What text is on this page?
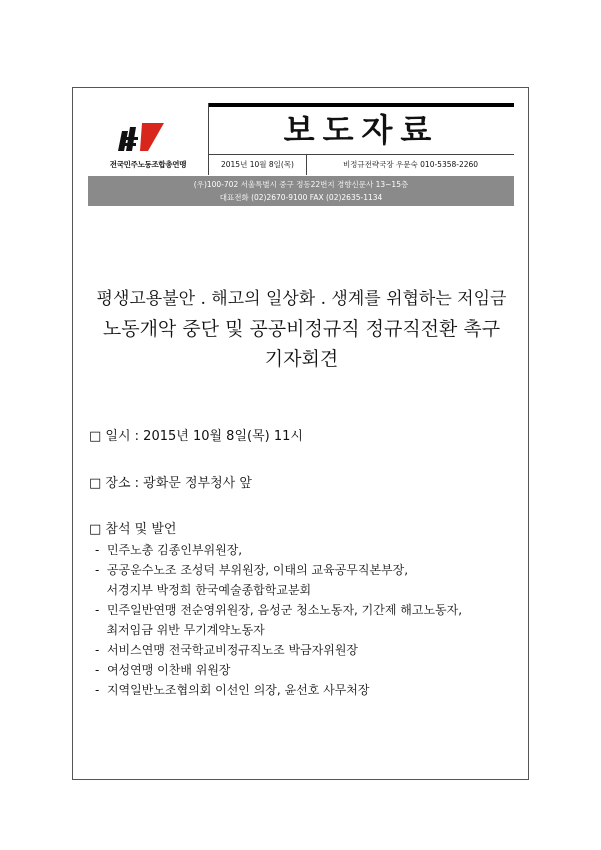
전국민주노동조합총연맹
보도자료
2015년 10월 8일(목)	비정규전략국장 우문숙 010-5358-2260
(우)100-702 서울특별시 중구 정동22번지 경향신문사 13~15층
대표전화 (02)2670-9100 FAX (02)2635-1134
평생고용불안 . 해고의 일상화 . 생계를 위협하는 저임금
노동개악 중단 및 공공비정규직 정규직전환 촉구
기자회견
□ 일시 : 2015년 10월 8일(목) 11시
□ 장소 : 광화문 정부청사 앞
□ 참석 및 발언
-  민주노총 김종인부위원장,
-  공공운수노조 조성덕 부위원장, 이태의 교육공무직본부장,
서경지부 박정희 한국예술종합학교분회
-  민주일반연맹 전순영위원장, 음성군 청소노동자, 기간제 해고노동자,
최저임금 위반 무기계약노동자
-  서비스연맹 전국학교비정규직노조 박금자위원장
-  여성연맹 이찬배 위원장
-  지역일반노조협의회 이선인 의장, 윤선호 사무처장
